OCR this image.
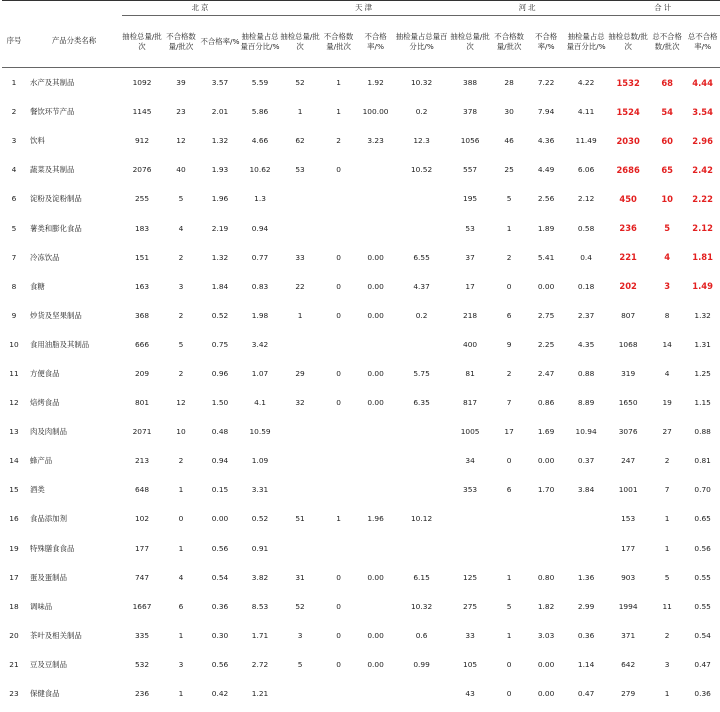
		北京				天津				河北				合计		
序号	产品分类名称	抽检总量/批次	不合格数量/批次	不合格率/%	抽检量占总量百分比/%	抽检总量/批次	不合格数量/批次	不合格率/%	抽检量占总量百分比/%	抽检总量/批次	不合格数量/批次	不合格率/%	抽检量占总量百分比/%	抽检总数/批次	总不合格数/批次	总不合格率/%
1	水产及其制品	1092	39	3.57	5.59	52	1	1.92	10.32	388	28	7.22	4.22	1532	68	4.44
2	餐饮环节产品	1145	23	2.01	5.86	1	1	100.00	0.2	378	30	7.94	4.11	1524	54	3.54
3	饮料	912	12	1.32	4.66	62	2	3.23	12.3	1056	46	4.36	11.49	2030	60	2.96
4	蔬菜及其制品	2076	40	1.93	10.62	53	0		10.52	557	25	4.49	6.06	2686	65	2.42
6	淀粉及淀粉制品	255	5	1.96	1.3					195	5	2.56	2.12	450	10	2.22
5	薯类和膨化食品	183	4	2.19	0.94					53	1	1.89	0.58	236	5	2.12
7	冷冻饮品	151	2	1.32	0.77	33	0	0.00	6.55	37	2	5.41	0.4	221	4	1.81
8	食糖	163	3	1.84	0.83	22	0	0.00	4.37	17	0	0.00	0.18	202	3	1.49
9	炒货及坚果制品	368	2	0.52	1.98	1	0	0.00	0.2	218	6	2.75	2.37	807	8	1.32
10	食用油脂及其制品	666	5	0.75	3.42					400	9	2.25	4.35	1068	14	1.31
11	方便食品	209	2	0.96	1.07	29	0	0.00	5.75	81	2	2.47	0.88	319	4	1.25
12	焙烤食品	801	12	1.50	4.1	32	0	0.00	6.35	817	7	0.86	8.89	1650	19	1.15
13	肉及肉制品	2071	10	0.48	10.59					1005	17	1.69	10.94	3076	27	0.88
14	蜂产品	213	2	0.94	1.09					34	0	0.00	0.37	247	2	0.81
15	酒类	648	1	0.15	3.31					353	6	1.70	3.84	1001	7	0.70
16	食品添加剂	102	0	0.00	0.52	51	1	1.96	10.12					153	1	0.65
19	特殊膳食食品	177	1	0.56	0.91									177	1	0.56
17	蛋及蛋制品	747	4	0.54	3.82	31	0	0.00	6.15	125	1	0.80	1.36	903	5	0.55
18	调味品	1667	6	0.36	8.53	52	0		10.32	275	5	1.82	2.99	1994	11	0.55
20	茶叶及相关制品	335	1	0.30	1.71	3	0	0.00	0.6	33	1	3.03	0.36	371	2	0.54
21	豆及豆制品	532	3	0.56	2.72	5	0	0.00	0.99	105	0	0.00	1.14	642	3	0.47
23	保健食品	236	1	0.42	1.21					43	0	0.00	0.47	279	1	0.36
